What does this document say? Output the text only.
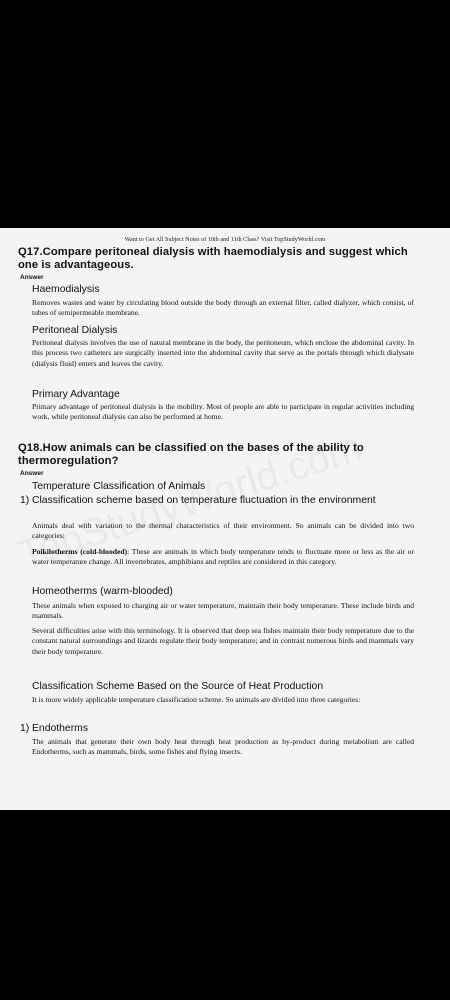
Want to Get All Subject Notes of 10th and 11th Class? Visit TopStudyWorld.com
Q17.Compare peritoneal dialysis with haemodialysis and suggest which one is advantageous.
Answer
Haemodialysis
Removes wastes and water by circulating blood outside the body through an external filter, called dialyzer, which consist, of tubes of semipermeable membrane.
Peritoneal Dialysis
Peritoneal dialysis involves the use of natural membrane in the body, the peritoneum, which enclose the abdominal cavity. In this process two catheters are surgically inserted into the abdominal cavity that serve as the portals through which dialysate (dialysis fluid) enters and leaves the cavity.
Primary Advantage
Primary advantage of peritoneal dialysis is the mobility. Most of people are able to participate in regular activities including work, while peritoneal dialysis can also be performed at home.
Q18.How animals can be classified on the bases of the ability to thermoregulation?
Answer
Temperature Classification of Animals
1) Classification scheme based on temperature fluctuation in the environment
Animals deal with variation to the thermal characteristics of their environment. So animals can be divided into two categories:
Poikilotherms (cold-blooded): These are animals in which body temperature tends to fluctuate more or less as the air or water temperature change. All invertebrates, amphibians and reptiles are considered in this category.
Homeotherms (warm-blooded)
These animals when exposed to charging air or water temperature, maintain their body temperature. These include birds and mammals.
Several difficulties arise with this terminology. It is observed that deep sea fishes maintain their body temperature due to the constant natural surroundings and lizards regulate their body temperature; and in contrast numerous birds and mammals vary their body temperature.
Classification Scheme Based on the Source of Heat Production
It is more widely applicable temperature classification scheme. So animals are divided into three categories:
1) Endotherms
The animals that generate their own body heat through heat production as by-product during metabolism are called Endotherms, such as mammals, birds, some fishes and flying insects.
